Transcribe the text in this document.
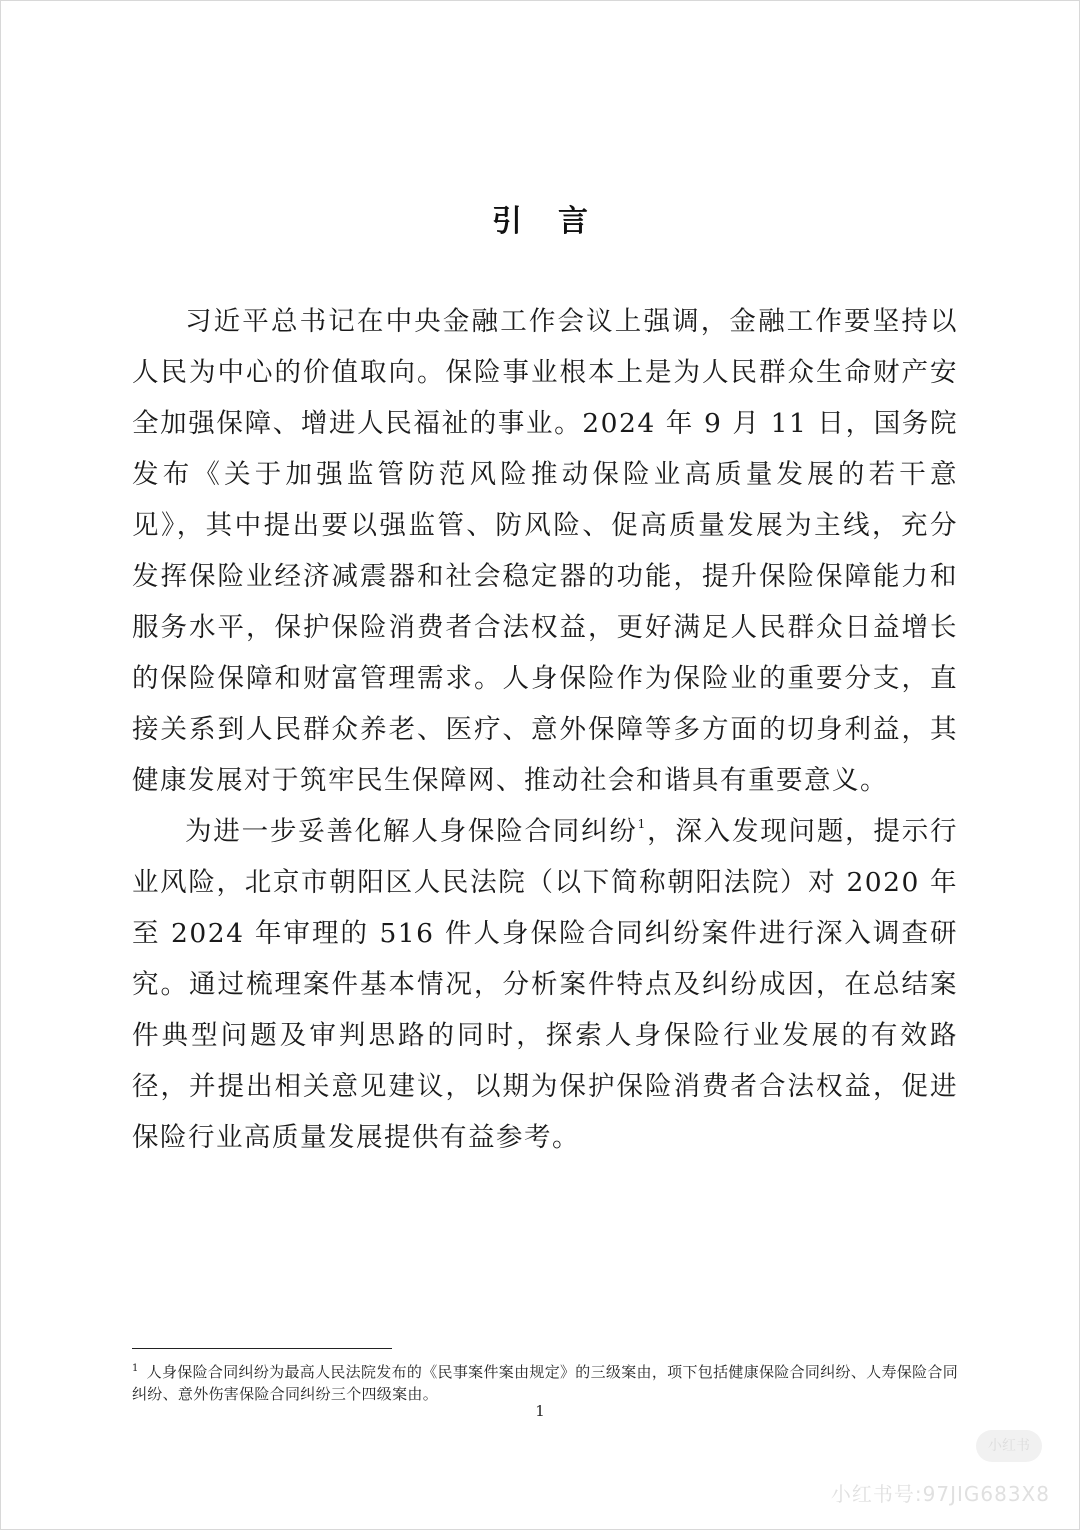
引言

习近平总书记在中央金融工作会议上强调，金融工作要坚持以人民为中心的价值取向。保险事业根本上是为人民群众生命财产安全加强保障、增进人民福祉的事业。2024 年 9 月 11 日，国务院发布《关于加强监管防范风险推动保险业高质量发展的若干意见》，其中提出要以强监管、防风险、促高质量发展为主线，充分发挥保险业经济减震器和社会稳定器的功能，提升保险保障能力和服务水平，保护保险消费者合法权益，更好满足人民群众日益增长的保险保障和财富管理需求。人身保险作为保险业的重要分支，直接关系到人民群众养老、医疗、意外保障等多方面的切身利益，其健康发展对于筑牢民生保障网、推动社会和谐具有重要意义。

为进一步妥善化解人身保险合同纠纷$^1$，深入发现问题，提示行业风险，北京市朝阳区人民法院（以下简称朝阳法院）对 2020 年至 2024 年审理的 516 件人身保险合同纠纷案件进行深入调查研究。通过梳理案件基本情况，分析案件特点及纠纷成因，在总结案件典型问题及审判思路的同时，探索人身保险行业发展的有效路径，并提出相关意见建议，以期为保护保险消费者合法权益，促进保险行业高质量发展提供有益参考。

$^1$ 人身保险合同纠纷为最高人民法院发布的《民事案件案由规定》的三级案由，项下包括健康保险合同纠纷、人寿保险合同纠纷、意外伤害保险合同纠纷三个四级案由。
1
小红书
小红书号:97JIG683X8
